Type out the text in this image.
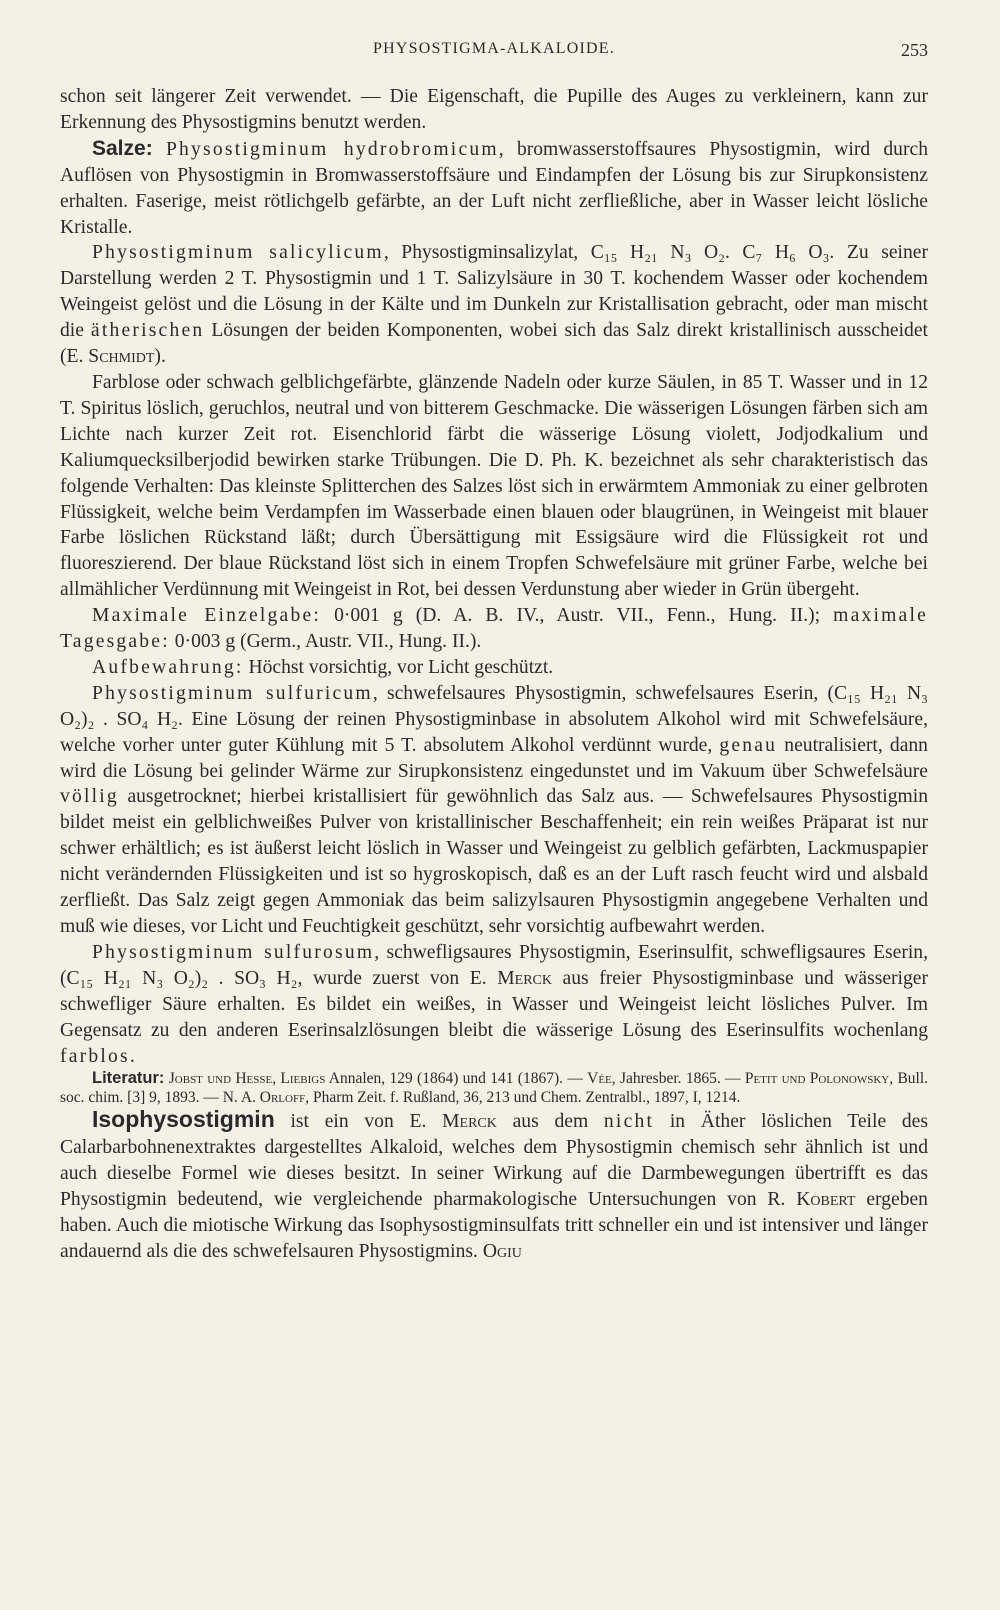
PHYSOSTIGMA-ALKALOIDE.	253

schon seit längerer Zeit verwendet. — Die Eigenschaft, die Pupille des Auges zu verkleinern, kann zur Erkennung des Physostigmins benutzt werden.

Salze: Physostigminum hydrobromicum, bromwasserstoffsaures Physostigmin, wird durch Auflösen von Physostigmin in Bromwasserstoffsäure und Eindampfen der Lösung bis zur Sirupkonsistenz erhalten. Faserige, meist rötlichgelb gefärbte, an der Luft nicht zerfließliche, aber in Wasser leicht lösliche Kristalle.

Physostigminum salicylicum, Physostigminsalizylat, C₁₅ H₂₁ N₃ O₂. C₇ H₆ O₃. Zu seiner Darstellung werden 2 T. Physostigmin und 1 T. Salizylsäure in 30 T. kochendem Wasser oder kochendem Weingeist gelöst und die Lösung in der Kälte und im Dunkeln zur Kristallisation gebracht, oder man mischt die ätherischen Lösungen der beiden Komponenten, wobei sich das Salz direkt kristallinisch ausscheidet (E. Schmidt).

Farblose oder schwach gelblichgefärbte, glänzende Nadeln oder kurze Säulen, in 85 T. Wasser und in 12 T. Spiritus löslich, geruchlos, neutral und von bitterem Geschmacke. Die wässerigen Lösungen färben sich am Lichte nach kurzer Zeit rot. Eisenchlorid färbt die wässerige Lösung violett, Jodjodkalium und Kaliumquecksilberjodid bewirken starke Trübungen. Die D. Ph. K. bezeichnet als sehr charakteristisch das folgende Verhalten: Das kleinste Splitterchen des Salzes löst sich in erwärmtem Ammoniak zu einer gelbroten Flüssigkeit, welche beim Verdampfen im Wasserbade einen blauen oder blaugrünen, in Weingeist mit blauer Farbe löslichen Rückstand läßt; durch Übersättigung mit Essigsäure wird die Flüssigkeit rot und fluoreszierend. Der blaue Rückstand löst sich in einem Tropfen Schwefelsäure mit grüner Farbe, welche bei allmählicher Verdünnung mit Weingeist in Rot, bei dessen Verdunstung aber wieder in Grün übergeht.

Maximale Einzelgabe: 0·001 g (D. A. B. IV., Austr. VII., Fenn., Hung. II.); maximale Tagesgabe: 0·003 g (Germ., Austr. VII., Hung. II.).

Aufbewahrung: Höchst vorsichtig, vor Licht geschützt.

Physostigminum sulfuricum, schwefelsaures Physostigmin, schwefelsaures Eserin, (C₁₅ H₂₁ N₃ O₂)₂ . SO₄ H₂. Eine Lösung der reinen Physostigminbase in absolutem Alkohol wird mit Schwefelsäure, welche vorher unter guter Kühlung mit 5 T. absolutem Alkohol verdünnt wurde, genau neutralisiert, dann wird die Lösung bei gelinder Wärme zur Sirupkonsistenz eingedunstet und im Vakuum über Schwefelsäure völlig ausgetrocknet; hierbei kristallisiert für gewöhnlich das Salz aus. — Schwefelsaures Physostigmin bildet meist ein gelblichweißes Pulver von kristallinischer Beschaffenheit; ein rein weißes Präparat ist nur schwer erhältlich; es ist äußerst leicht löslich in Wasser und Weingeist zu gelblich gefärbten, Lackmuspapier nicht verändernden Flüssigkeiten und ist so hygroskopisch, daß es an der Luft rasch feucht wird und alsbald zerfließt. Das Salz zeigt gegen Ammoniak das beim salizylsauren Physostigmin angegebene Verhalten und muß wie dieses, vor Licht und Feuchtigkeit geschützt, sehr vorsichtig aufbewahrt werden.

Physostigminum sulfurosum, schwefligsaures Physostigmin, Eserinsulfit, schwefligsaures Eserin, (C₁₅ H₂₁ N₃ O₂)₂ . SO₃ H₂, wurde zuerst von E. Merck aus freier Physostigminbase und wässeriger schwefliger Säure erhalten. Es bildet ein weißes, in Wasser und Weingeist leicht lösliches Pulver. Im Gegensatz zu den anderen Eserinsalzlösungen bleibt die wässerige Lösung des Eserinsulfits wochenlang farblos.

Literatur: Jobst und Hesse, Liebigs Annalen, 129 (1864) und 141 (1867). — Vée, Jahresber. 1865. — Petit und Polonowsky, Bull. soc. chim. [3] 9, 1893. — N. A. Orloff, Pharm Zeit. f. Rußland, 36, 213 und Chem. Zentralbl., 1897, I, 1214.

Isophysostigmin ist ein von E. Merck aus dem nicht in Äther löslichen Teile des Calarbarbohnenextraktes dargestelltes Alkaloid, welches dem Physostigmin chemisch sehr ähnlich ist und auch dieselbe Formel wie dieses besitzt. In seiner Wirkung auf die Darmbewegungen übertrifft es das Physostigmin bedeutend, wie vergleichende pharmakologische Untersuchungen von R. Kobert ergeben haben. Auch die miotische Wirkung das Isophysostigminsulfats tritt schneller ein und ist intensiver und länger andauernd als die des schwefelsauren Physostigmins. Ogiu
